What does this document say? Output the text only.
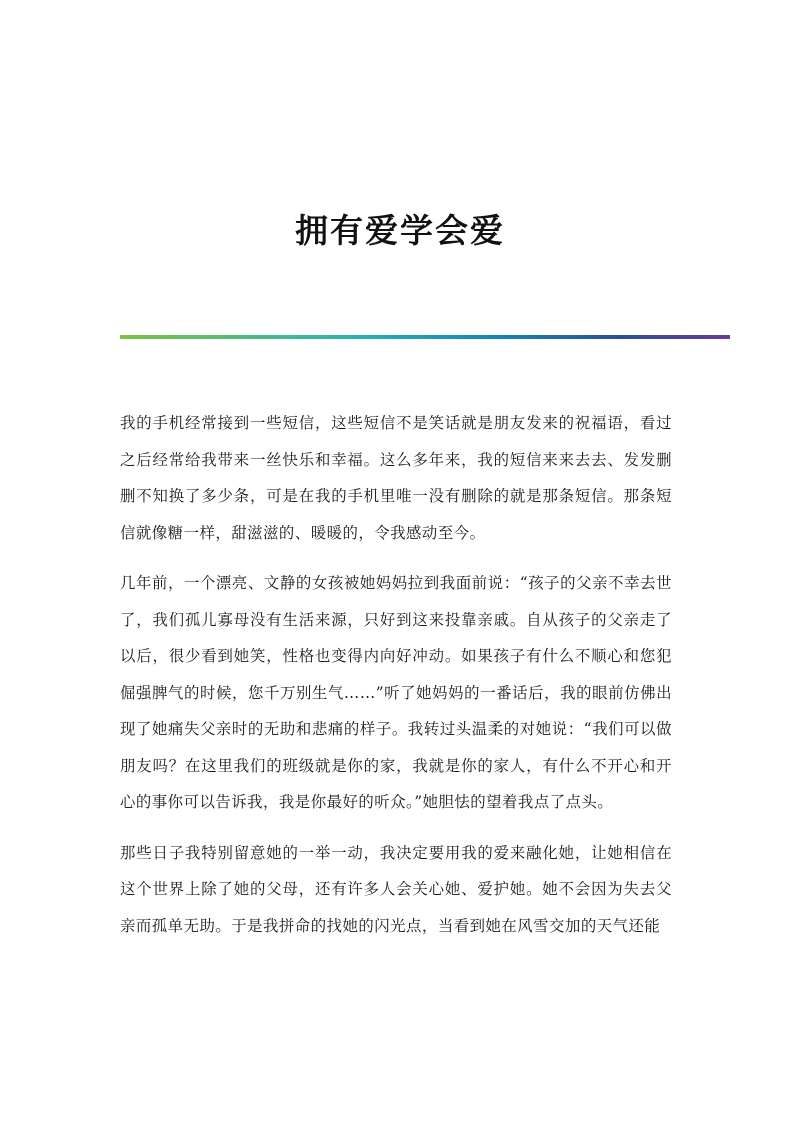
拥有爱学会爱

我的手机经常接到一些短信，这些短信不是笑话就是朋友发来的祝福语，看过之后经常给我带来一丝快乐和幸福。这么多年来，我的短信来来去去、发发删删不知换了多少条，可是在我的手机里唯一没有删除的就是那条短信。那条短信就像糖一样，甜滋滋的、暖暖的，令我感动至今。

几年前，一个漂亮、文静的女孩被她妈妈拉到我面前说：“孩子的父亲不幸去世了，我们孤儿寡母没有生活来源，只好到这来投靠亲戚。自从孩子的父亲走了以后，很少看到她笑，性格也变得内向好冲动。如果孩子有什么不顺心和您犯倔强脾气的时候，您千万别生气……”听了她妈妈的一番话后，我的眼前仿佛出现了她痛失父亲时的无助和悲痛的样子。我转过头温柔的对她说：“我们可以做朋友吗？在这里我们的班级就是你的家，我就是你的家人，有什么不开心和开心的事你可以告诉我，我是你最好的听众。”她胆怯的望着我点了点头。

那些日子我特别留意她的一举一动，我决定要用我的爱来融化她，让她相信在这个世界上除了她的父母，还有许多人会关心她、爱护她。她不会因为失去父亲而孤单无助。于是我拼命的找她的闪光点，当看到她在风雪交加的天气还能
